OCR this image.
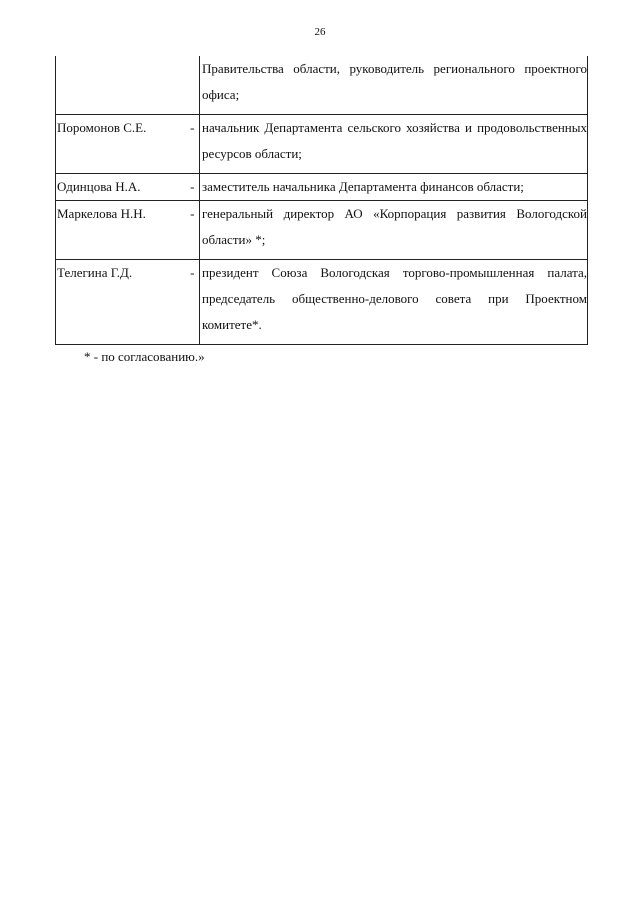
26
		Правительства области, руководитель регионального проектного офиса;
Поромонов С.Е.	-	начальник Департамента сельского хозяйства и продовольственных ресурсов области;
Одинцова Н.А.	-	заместитель начальника Департамента финансов области;
Маркелова Н.Н.	-	генеральный директор АО «Корпорация развития Вологодской области» *;
Телегина Г.Д.	-	президент Союза Вологодская торгово-промышленная палата, председатель общественно-делового совета при Проектном комитете*.
* - по согласованию.»
